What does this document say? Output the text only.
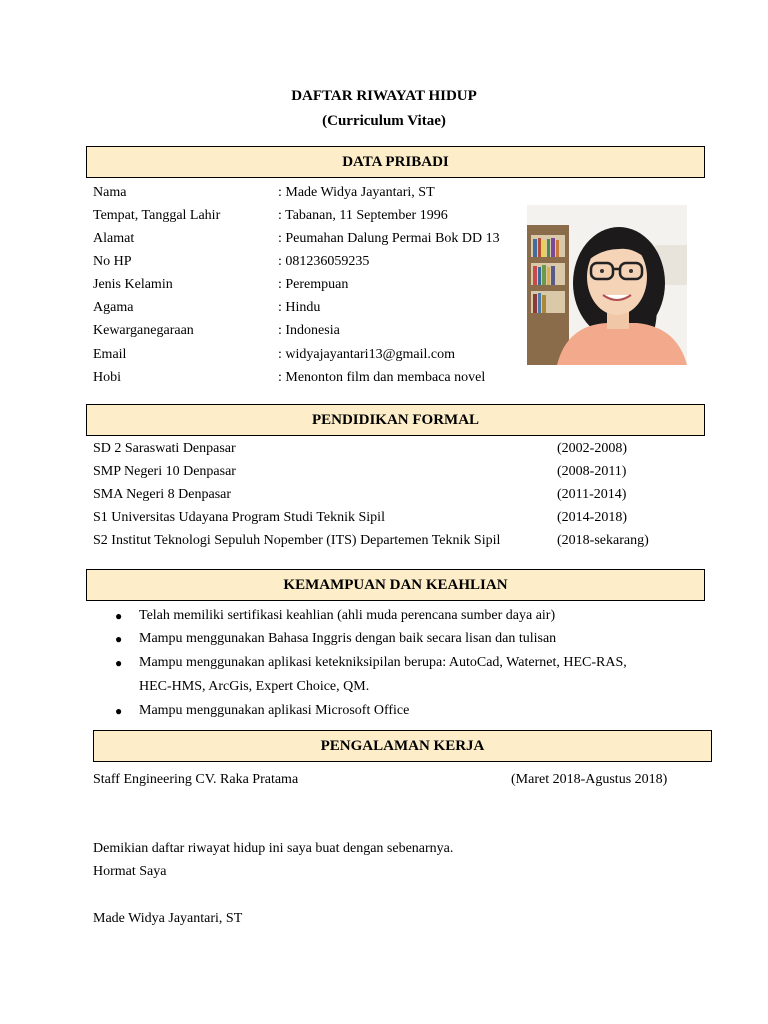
DAFTAR RIWAYAT HIDUP
(Curriculum Vitae)
DATA PRIBADI
Nama	: Made Widya Jayantari, ST
Tempat, Tanggal Lahir	: Tabanan, 11 September 1996
Alamat	: Peumahan Dalung Permai Bok DD 13
No HP	: 081236059235
Jenis Kelamin	: Perempuan
Agama	: Hindu
Kewarganegaraan	: Indonesia
Email	: widyajayantari13@gmail.com
Hobi	: Menonton film dan membaca novel
PENDIDIKAN FORMAL
SD 2 Saraswati Denpasar	(2002-2008)
SMP Negeri 10 Denpasar	(2008-2011)
SMA Negeri 8 Denpasar	(2011-2014)
S1 Universitas Udayana Program Studi Teknik Sipil	(2014-2018)
S2 Institut Teknologi Sepuluh Nopember (ITS) Departemen Teknik Sipil	(2018-sekarang)
KEMAMPUAN DAN KEAHLIAN
● Telah memiliki sertifikasi keahlian (ahli muda perencana sumber daya air)
● Mampu menggunakan Bahasa Inggris dengan baik secara lisan dan tulisan
● Mampu menggunakan aplikasi ketekniksipilan berupa: AutoCad, Waternet, HEC-RAS,
HEC-HMS, ArcGis, Expert Choice, QM.
● Mampu menggunakan aplikasi Microsoft Office
PENGALAMAN KERJA
Staff Engineering CV. Raka Pratama	(Maret 2018-Agustus 2018)
Demikian daftar riwayat hidup ini saya buat dengan sebenarnya.
Hormat Saya
Made Widya Jayantari, ST
